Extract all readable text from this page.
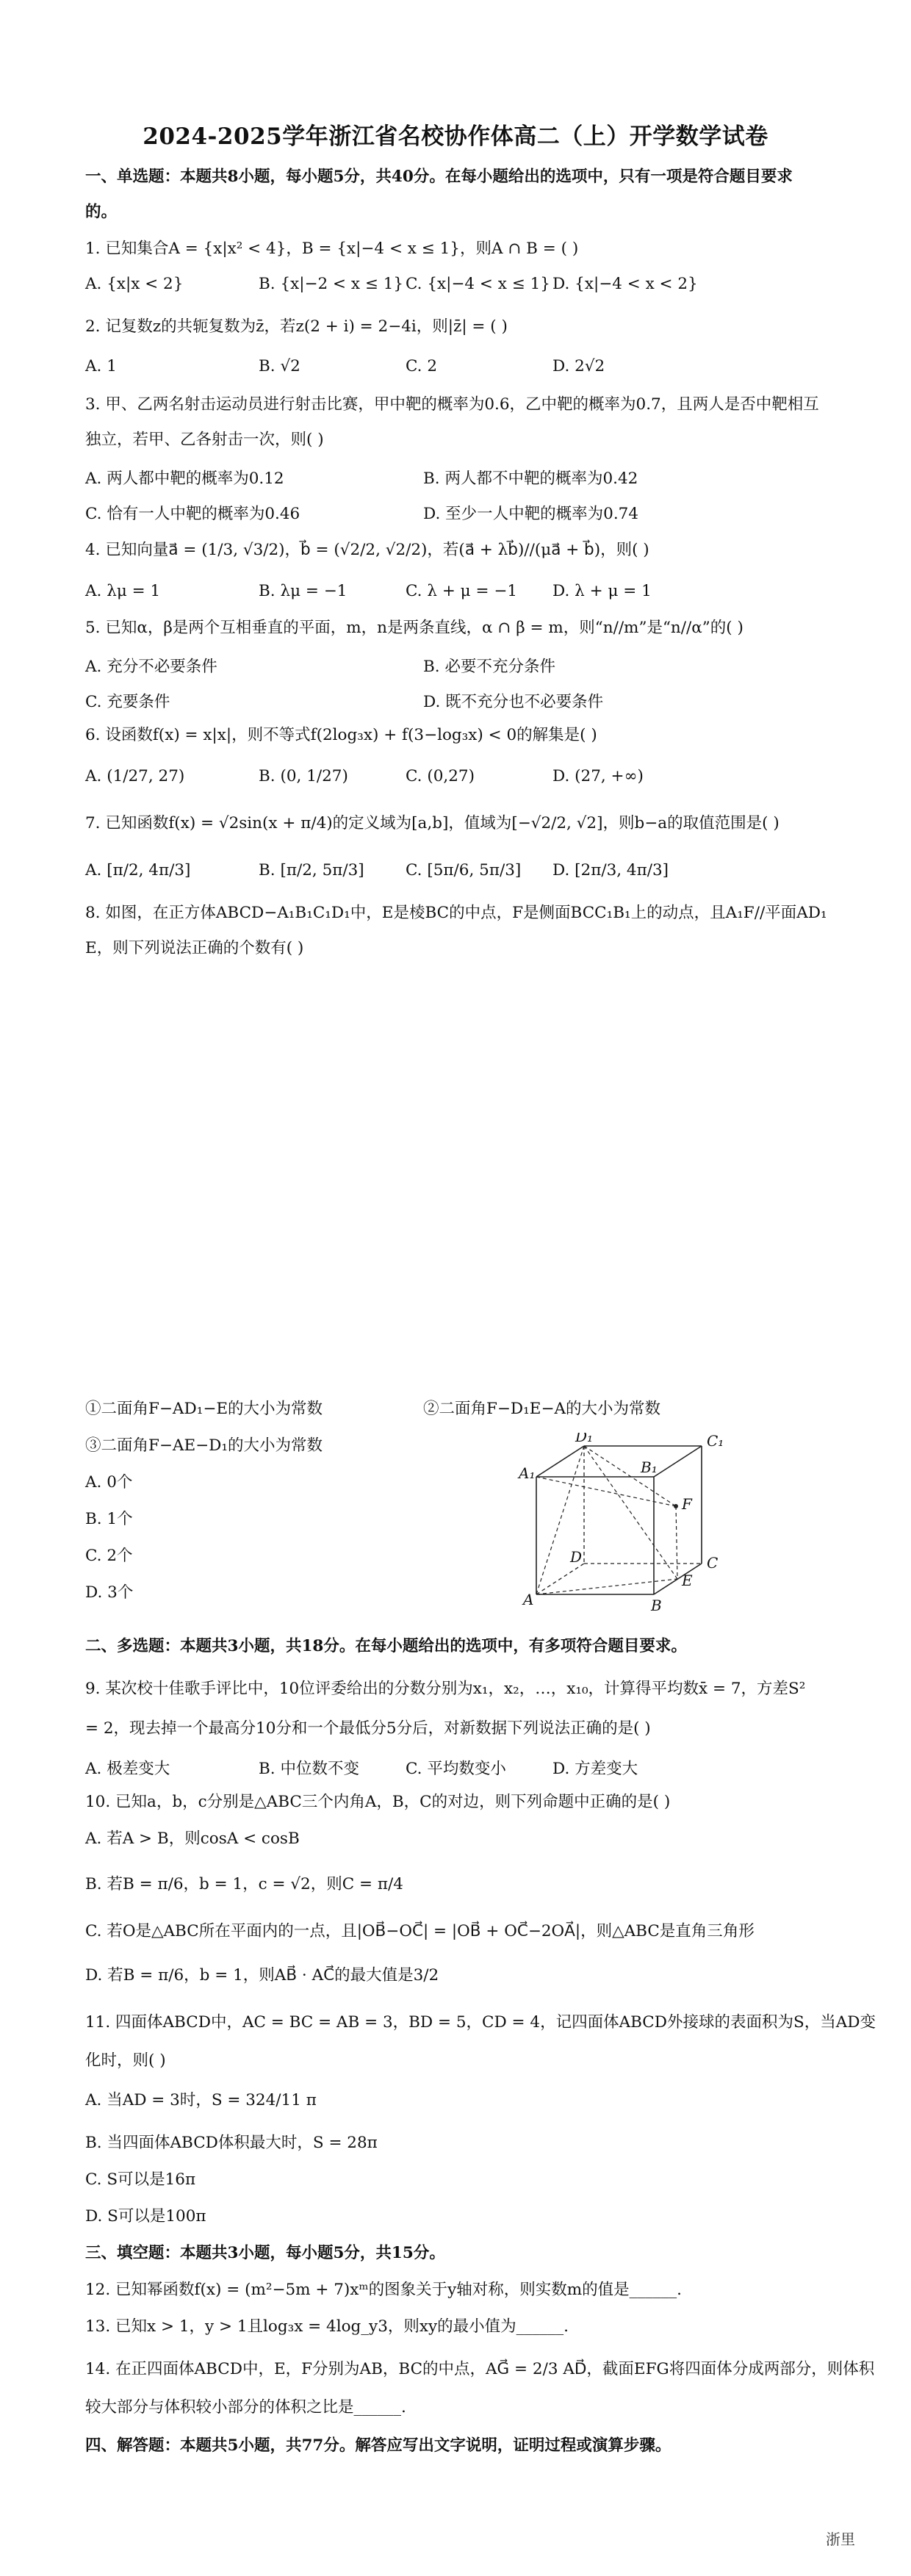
2024-2025学年浙江省名校协作体高二（上）开学数学试卷
一、单选题：本题共8小题，每小题5分，共40分。在每小题给出的选项中，只有一项是符合题目要求
的。
1. 已知集合A = {x|x² < 4}，B = {x|−4 < x ≤ 1}，则A ∩ B = ( )
A. {x|x < 2}	B. {x|−2 < x ≤ 1} C. {x|−4 < x ≤ 1} D. {x|−4 < x < 2}
2. 记复数z的共轭复数为z̄，若z(2 + i) = 2−4i，则|z̄| = ( )
A. 1	B. √2	C. 2	D. 2√2
3. 甲、乙两名射击运动员进行射击比赛，甲中靶的概率为0.6，乙中靶的概率为0.7，且两人是否中靶相互
独立，若甲、乙各射击一次，则( )
A. 两人都中靶的概率为0.12	B. 两人都不中靶的概率为0.42
C. 恰有一人中靶的概率为0.46	D. 至少一人中靶的概率为0.74
4. 已知向量a⃗ = (1/3, √3/2)，b⃗ = (√2/2, √2/2)，若(a⃗ + λb⃗)//(μa⃗ + b⃗)，则( )
A. λμ = 1	B. λμ = −1	C. λ + μ = −1 D. λ + μ = 1
5. 已知α，β是两个互相垂直的平面，m，n是两条直线，α ∩ β = m，则“n//m”是“n//α”的( )
A. 充分不必要条件	B. 必要不充分条件
C. 充要条件	D. 既不充分也不必要条件
6. 设函数f(x) = x|x|，则不等式f(2log₃x) + f(3−log₃x) < 0的解集是( )
A. (1/27, 27)	B. (0, 1/27)	C. (0,27)	D. (27, +∞)
7. 已知函数f(x) = √2sin(x + π/4)的定义域为[a,b]，值域为[−√2/2, √2]，则b−a的取值范围是( )
A. [π/2, 4π/3]	B. [π/2, 5π/3]	C. [5π/6, 5π/3] D. [2π/3, 4π/3]
8. 如图，在正方体ABCD−A₁B₁C₁D₁中，E是棱BC的中点，F是侧面BCC₁B₁上的动点，且A₁F//平面AD₁
E，则下列说法正确的个数有( )
①二面角F−AD₁−E的大小为常数	②二面角F−D₁E−A的大小为常数
③二面角F−AE−D₁的大小为常数
A. 0个
B. 1个
C. 2个
D. 3个
D₁	C₁
A₁	B₁
F
D	C
E
A	B
二、多选题：本题共3小题，共18分。在每小题给出的选项中，有多项符合题目要求。
9. 某次校十佳歌手评比中，10位评委给出的分数分别为x₁，x₂，…，x₁₀，计算得平均数x̄ = 7，方差S²
= 2，现去掉一个最高分10分和一个最低分5分后，对新数据下列说法正确的是( )
A. 极差变大	B. 中位数不变	C. 平均数变小	D. 方差变大
10. 已知a，b，c分别是△ABC三个内角A，B，C的对边，则下列命题中正确的是( )
A. 若A > B，则cosA < cosB
B. 若B = π/6，b = 1，c = √2，则C = π/4
C. 若O是△ABC所在平面内的一点，且|OB⃗−OC⃗| = |OB⃗ + OC⃗−2OA⃗|，则△ABC是直角三角形
D. 若B = π/6，b = 1，则AB⃗ · AC⃗的最大值是3/2
11. 四面体ABCD中，AC = BC = AB = 3，BD = 5，CD = 4，记四面体ABCD外接球的表面积为S，当AD变
化时，则( )
A. 当AD = 3时，S = 324/11 π
B. 当四面体ABCD体积最大时，S = 28π
C. S可以是16π
D. S可以是100π
三、填空题：本题共3小题，每小题5分，共15分。
12. 已知幂函数f(x) = (m²−5m + 7)xᵐ的图象关于y轴对称，则实数m的值是______.
13. 已知x > 1，y > 1且log₃x = 4log_y3，则xy的最小值为______.
14. 在正四面体ABCD中，E，F分别为AB，BC的中点，AG⃗ = 2/3 AD⃗，截面EFG将四面体分成两部分，则体积
较大部分与体积较小部分的体积之比是______.
四、解答题：本题共5小题，共77分。解答应写出文字说明，证明过程或演算步骤。
浙里
